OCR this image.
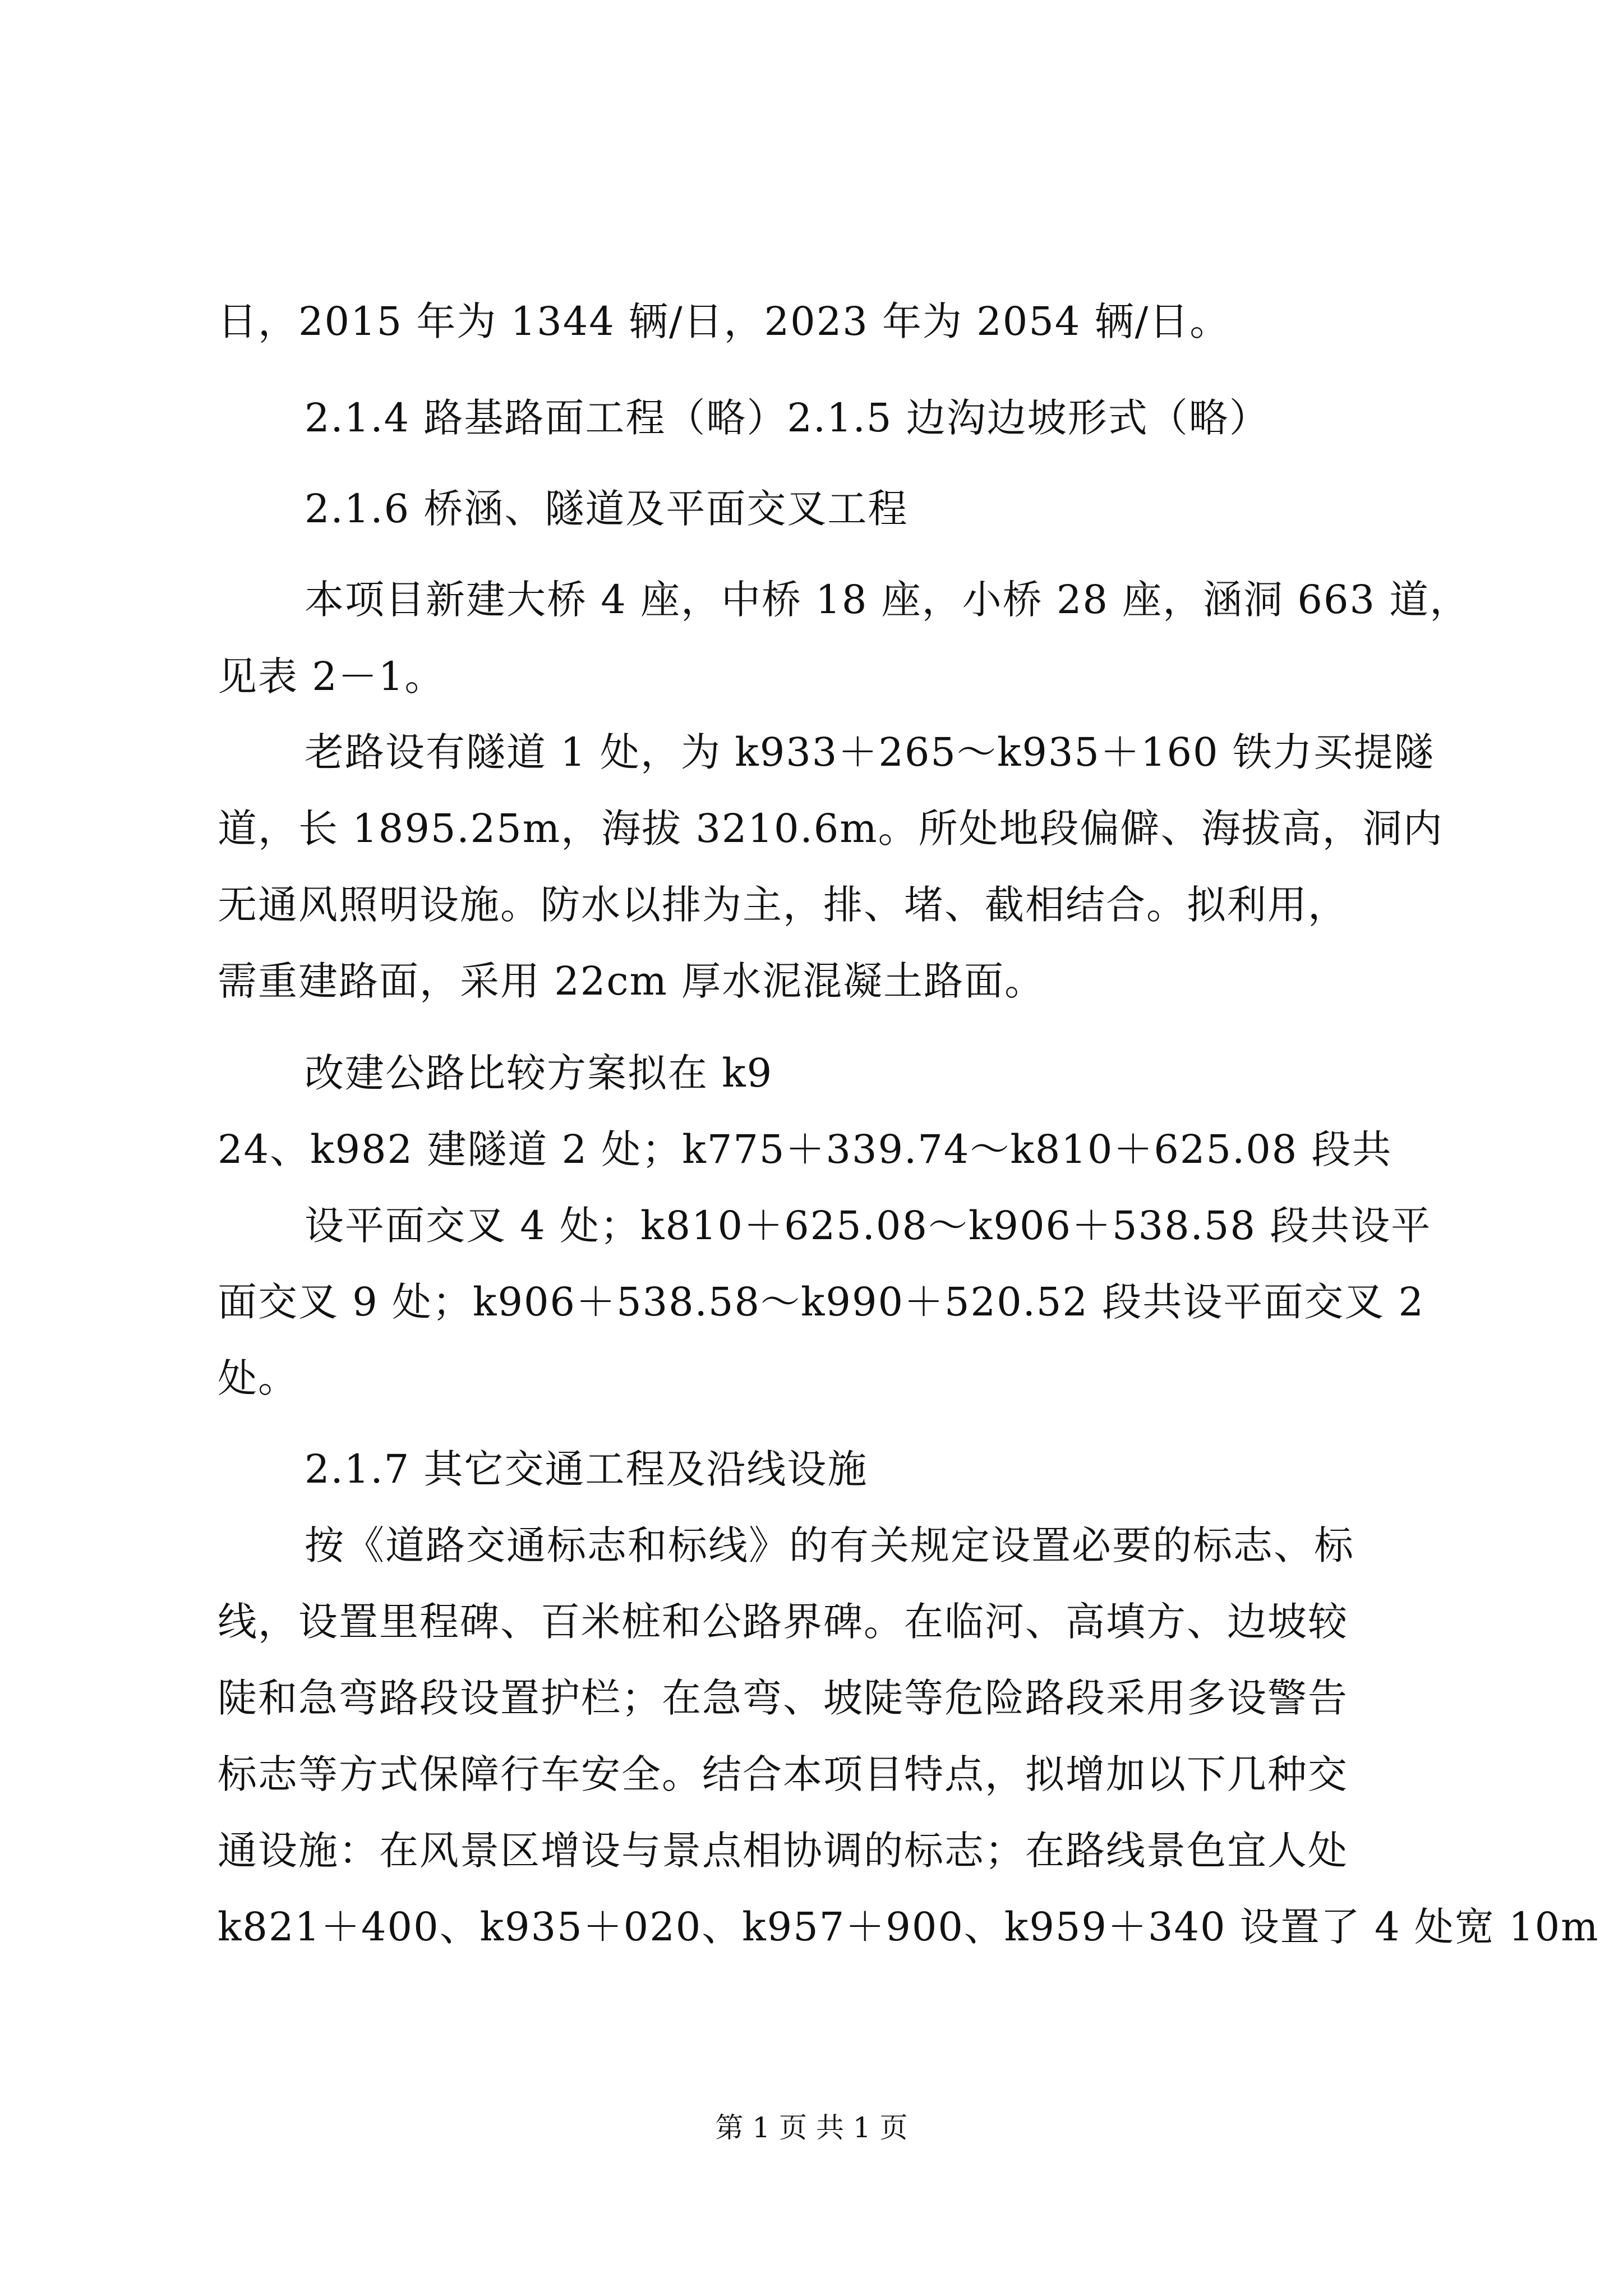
日，2015 年为 1344 辆/日，2023 年为 2054 辆/日。
2.1.4 路基路面工程（略）2.1.5 边沟边坡形式（略）
2.1.6 桥涵、隧道及平面交叉工程
本项目新建大桥 4 座，中桥 18 座，小桥 28 座，涵洞 663 道，
见表 2－1。
老路设有隧道 1 处，为 k933＋265～k935＋160 铁力买提隧
道，长 1895.25m，海拔 3210.6m。所处地段偏僻、海拔高，洞内
无通风照明设施。防水以排为主，排、堵、截相结合。拟利用，
需重建路面，采用 22cm 厚水泥混凝土路面。
改建公路比较方案拟在 k9
24、k982 建隧道 2 处；k775＋339.74～k810＋625.08 段共
设平面交叉 4 处；k810＋625.08～k906＋538.58 段共设平
面交叉 9 处；k906＋538.58～k990＋520.52 段共设平面交叉 2
处。
2.1.7 其它交通工程及沿线设施
按《道路交通标志和标线》的有关规定设置必要的标志、标
线，设置里程碑、百米桩和公路界碑。在临河、高填方、边坡较
陡和急弯路段设置护栏；在急弯、坡陡等危险路段采用多设警告
标志等方式保障行车安全。结合本项目特点，拟增加以下几种交
通设施：在风景区增设与景点相协调的标志；在路线景色宜人处
k821＋400、k935＋020、k957＋900、k959＋340 设置了 4 处宽 10m
第 1 页 共 1 页
